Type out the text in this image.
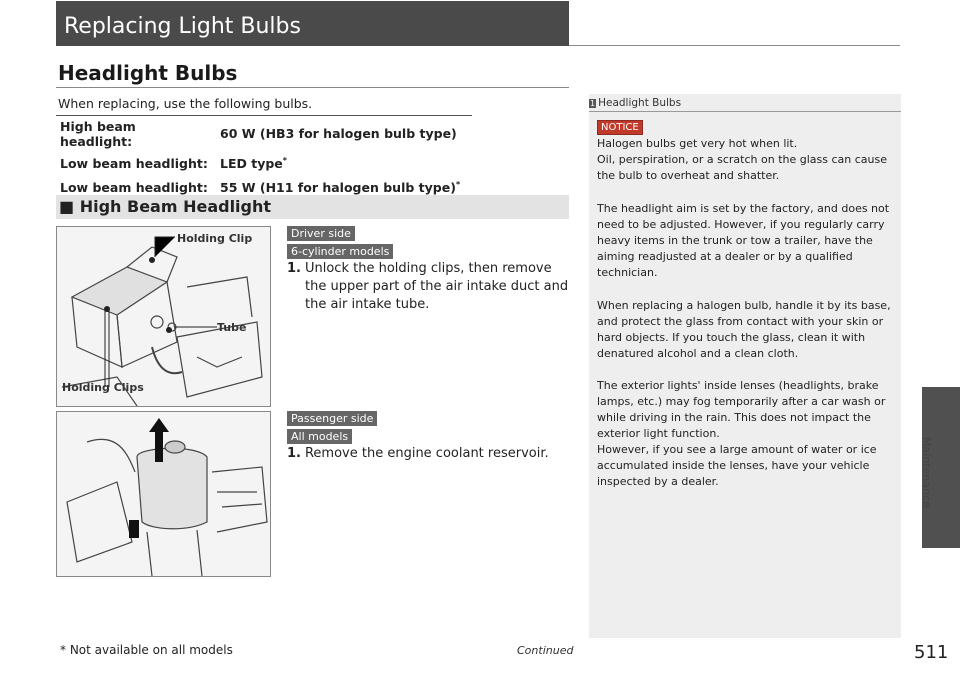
Replacing Light Bulbs
Headlight Bulbs
When replacing, use the following bulbs.
High beam headlight:	60 W (HB3 for halogen bulb type)
Low beam headlight:	LED type*
Low beam headlight:	55 W (H11 for halogen bulb type)*
■ High Beam Headlight
Holding Clip
Tube
Holding Clips
Driver side
6-cylinder models
1. Unlock the holding clips, then remove the upper part of the air intake duct and the air intake tube.
Passenger side
All models
1. Remove the engine coolant reservoir.
1 Headlight Bulbs
NOTICE
Halogen bulbs get very hot when lit.
Oil, perspiration, or a scratch on the glass can cause the bulb to overheat and shatter.
The headlight aim is set by the factory, and does not need to be adjusted. However, if you regularly carry heavy items in the trunk or tow a trailer, have the aiming readjusted at a dealer or by a qualified technician.
When replacing a halogen bulb, handle it by its base, and protect the glass from contact with your skin or hard objects. If you touch the glass, clean it with denatured alcohol and a clean cloth.
The exterior lights' inside lenses (headlights, brake lamps, etc.) may fog temporarily after a car wash or while driving in the rain. This does not impact the exterior light function.
However, if you see a large amount of water or ice accumulated inside the lenses, have your vehicle inspected by a dealer.	Maintenance
* Not available on all models	Continued	511
